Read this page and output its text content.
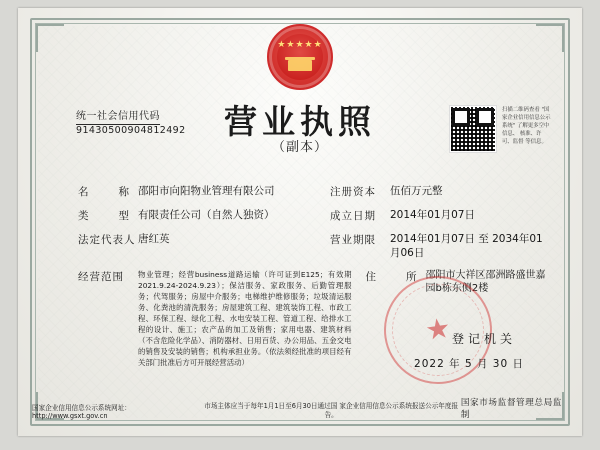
★★★★★
营业执照
（副本）
统一社会信用代码
91430500904812492
扫描二维码查看 "国家企业信用信息公示系统" 了解更多空中信息、 核准、许可、监督 等信息。
名　　称 邵阳市向阳物业管理有限公司	注册资本	伍佰万元整
类　　型 有限责任公司（自然人独资）	成立日期	2014年01月07日
法定代表人 唐红英	营业期限	2014年01月07日 至 2034年01月06日
经营范围	物业管理；经营business道路运输（许可证到E125；有效期2021.9.24-2024.9.23）；保洁服务、家政服务、后勤管理服务；代驾服务；房屋中介服务；电梯维护维修服务；垃圾清运服务、化粪池的清洗服务；房屋建筑工程、建筑装饰工程、市政工程、环保工程、绿化工程、水电安装工程、管道工程、给排水工程的设计、施工；农产品的加工及销售；家用电器、建筑材料（不含危险化学品）、消防器材、日用百货、办公用品、五金交电的销售及安装的销售；机构承担业务。（依法须经批准的项目经有关部门批准后方可开展经营活动）
住　　所 邵阳市大祥区邵洲路盛世嘉园b栋东侧2楼
★ 登记机关
2022 年 5 月 30 日
国家企业信用信息公示系统网址：http://www.gsxt.gov.cn
市场主体应当于每年1月1日至6月30日通过国 家企业信用信息公示系统报送公示年度报告。
国家市场监督管理总局监制
